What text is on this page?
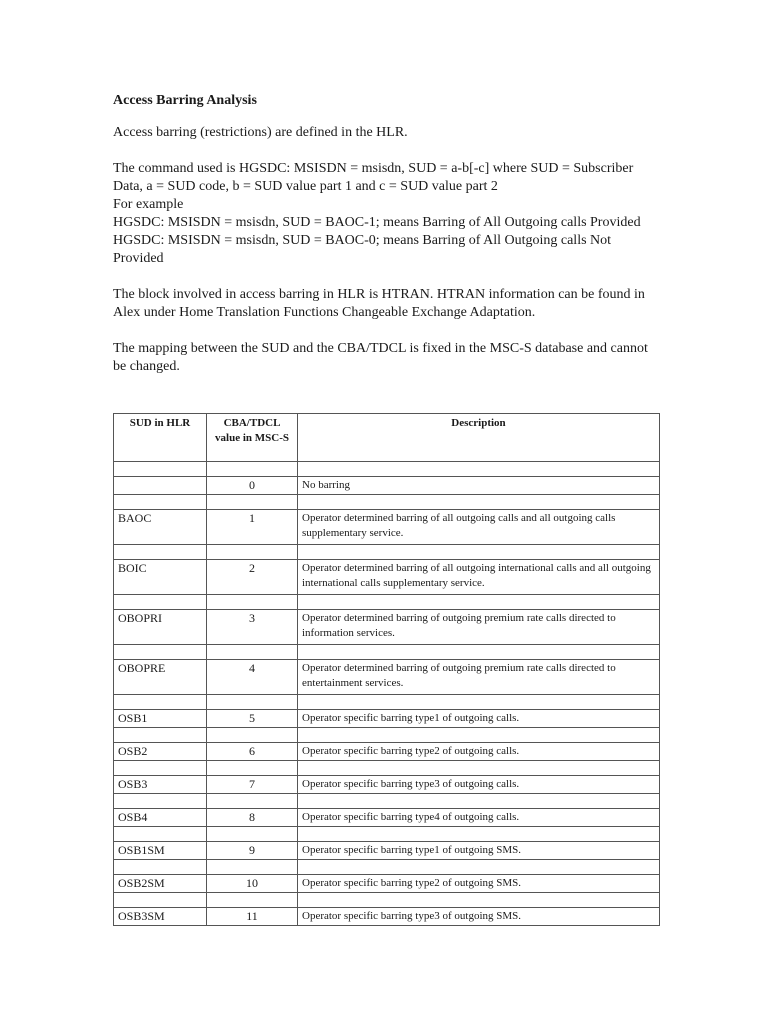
Access Barring Analysis

Access barring (restrictions) are defined in the HLR.

The command used is HGSDC: MSISDN = msisdn, SUD = a-b[-c] where SUD = Subscriber Data, a = SUD code, b = SUD value part 1 and c = SUD value part 2

For example

HGSDC: MSISDN = msisdn, SUD = BAOC-1; means Barring of All Outgoing calls Provided

HGSDC: MSISDN = msisdn, SUD = BAOC-0; means Barring of All Outgoing calls Not Provided

The block involved in access barring in HLR is HTRAN. HTRAN information can be found in Alex under Home Translation Functions Changeable Exchange Adaptation.

The mapping between the SUD and the CBA/TDCL is fixed in the MSC-S database and cannot be changed.

SUD in HLR	CBA/TDCL value in MSC-S	Description

	0	No barring

BAOC	1	Operator determined barring of all outgoing calls and all outgoing calls supplementary service.

BOIC	2	Operator determined barring of all outgoing international calls and all outgoing international calls supplementary service.

OBOPRI	3	Operator determined barring of outgoing premium rate calls directed to information services.

OBOPRE	4	Operator determined barring of outgoing premium rate calls directed to entertainment services.

OSB1	5	Operator specific barring type1 of outgoing calls.

OSB2	6	Operator specific barring type2 of outgoing calls.

OSB3	7	Operator specific barring type3 of outgoing calls.

OSB4	8	Operator specific barring type4 of outgoing calls.

OSB1SM	9	Operator specific barring type1 of outgoing SMS.

OSB2SM	10	Operator specific barring type2 of outgoing SMS.

OSB3SM	11	Operator specific barring type3 of outgoing SMS.
